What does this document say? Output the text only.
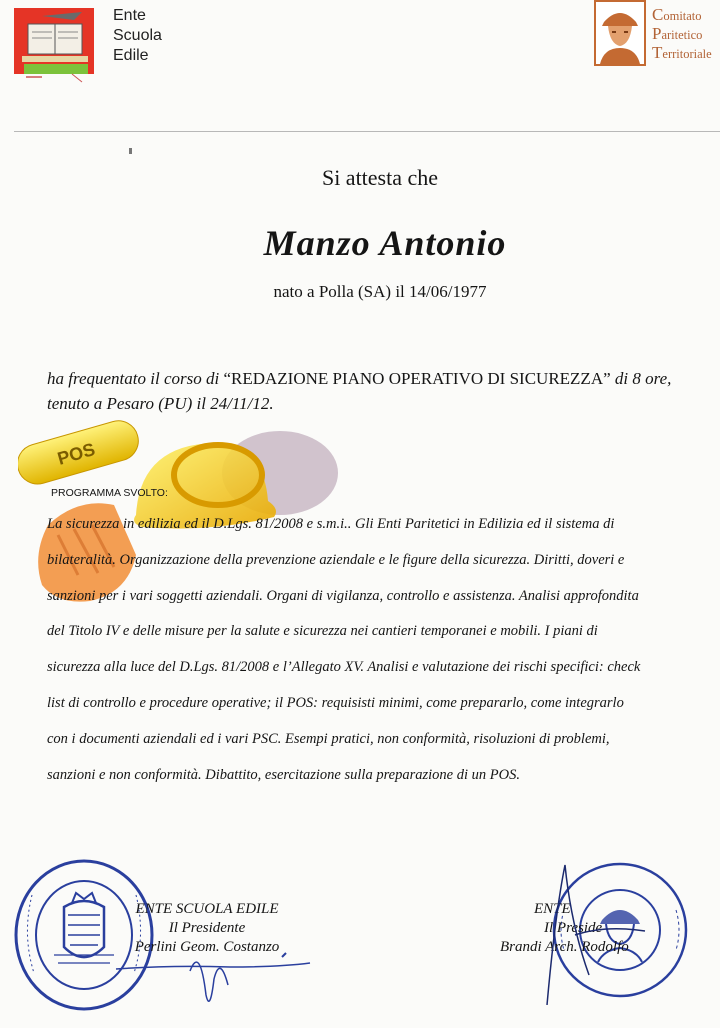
Ente
Scuola
Edile
Comitato
Paritetico
Territoriale
Si attesta che
Manzo Antonio
nato a Polla (SA) il 14/06/1977
ha frequentato il corso di “REDAZIONE PIANO OPERATIVO DI SICUREZZA” di 8 ore, tenuto a Pesaro (PU) il 24/11/12.
POS
PROGRAMMA SVOLTO:
La sicurezza in edilizia ed il D.Lgs. 81/2008 e s.m.i.. Gli Enti Paritetici in Edilizia ed il sistema di
bilateralità. Organizzazione della prevenzione aziendale e le figure della sicurezza. Diritti, doveri e
sanzioni per i vari soggetti aziendali. Organi di vigilanza, controllo e assistenza. Analisi approfondita
del Titolo IV e delle misure per la salute e sicurezza nei cantieri temporanei e mobili. I piani di
sicurezza alla luce del D.Lgs. 81/2008 e l’Allegato XV. Analisi e valutazione dei rischi specifici: check
list di controllo e procedure operative; il POS: requisisti minimi, come prepararlo, come integrarlo
con i documenti aziendali ed i vari PSC. Esempi pratici, non conformità, risoluzioni di problemi,
sanzioni e non conformità. Dibattito, esercitazione sulla preparazione di un POS.
ENTE SCUOLA EDILE
Il Presidente
Perlini Geom. Costanzo
ENTE
Il Preside
Brandi Arch. Rodolfo
